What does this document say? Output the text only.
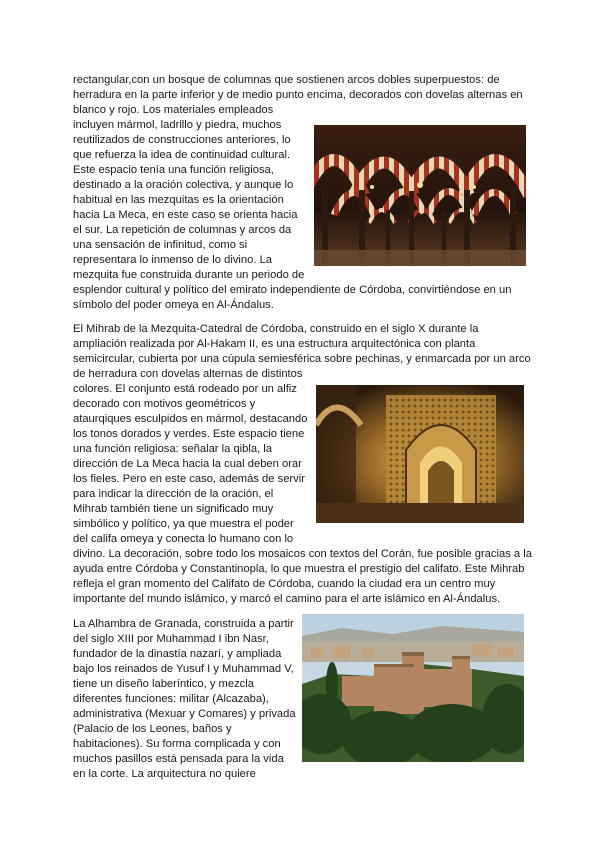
rectangular,con un bosque de columnas que sostienen arcos dobles superpuestos: de
herradura en la parte inferior y de medio punto encima, decorados con dovelas alternas en
blanco y rojo. Los materiales empleados
incluyen mármol, ladrillo y piedra, muchos
reutilizados de construcciones anteriores, lo
que refuerza la idea de continuidad cultural.
Este espacio tenía una función religiosa,
destinado a la oración colectiva, y aunque lo
habitual en las mezquitas es la orientación
hacia La Meca, en este caso se orienta hacia
el sur. La repetición de columnas y arcos da
una sensación de infinitud, como si
representara lo inmenso de lo divino. La
mezquita fue construida durante un periodo de
esplendor cultural y político del emirato independiente de Córdoba, convirtiéndose en un
símbolo del poder omeya en Al-Ándalus.
El Mihrab de la Mezquita-Catedral de Córdoba, construido en el siglo X durante la
ampliación realizada por Al-Hakam II, es una estructura arquitectónica con planta
semicircular, cubierta por una cúpula semiesférica sobre pechinas, y enmarcada por un arco
de herradura con dovelas alternas de distintos
colores. El conjunto está rodeado por un alfiz
decorado con motivos geométricos y
ataurqiques esculpidos en mármol, destacando
los tonos dorados y verdes. Este espacio tiene
una función religiosa: señalar la qibla, la
dirección de La Meca hacia la cual deben orar
los fieles. Pero en este caso, además de servir
para indicar la dirección de la oración, el
Mihrab también tiene un significado muy
simbólico y político, ya que muestra el poder
del califa omeya y conecta lo humano con lo
divino. La decoración, sobre todo los mosaicos con textos del Corán, fue posible gracias a la
ayuda entre Córdoba y Constantinopla, lo que muestra el prestigio del califato. Este Mihrab
refleja el gran momento del Califato de Córdoba, cuando la ciudad era un centro muy
importante del mundo islámico, y marcó el camino para el arte islámico en Al-Ándalus.
La Alhambra de Granada, construida a partir
del siglo XIII por Muhammad I ibn Nasr,
fundador de la dinastía nazarí, y ampliada
bajo los reinados de Yusuf I y Muhammad V,
tiene un diseño laberíntico, y mezcla
diferentes funciones: militar (Alcazaba),
administrativa (Mexuar y Comares) y privada
(Palacio de los Leones, baños y
habitaciones). Su forma complicada y con
muchos pasillos está pensada para la vida
en la corte. La arquitectura no quiere
